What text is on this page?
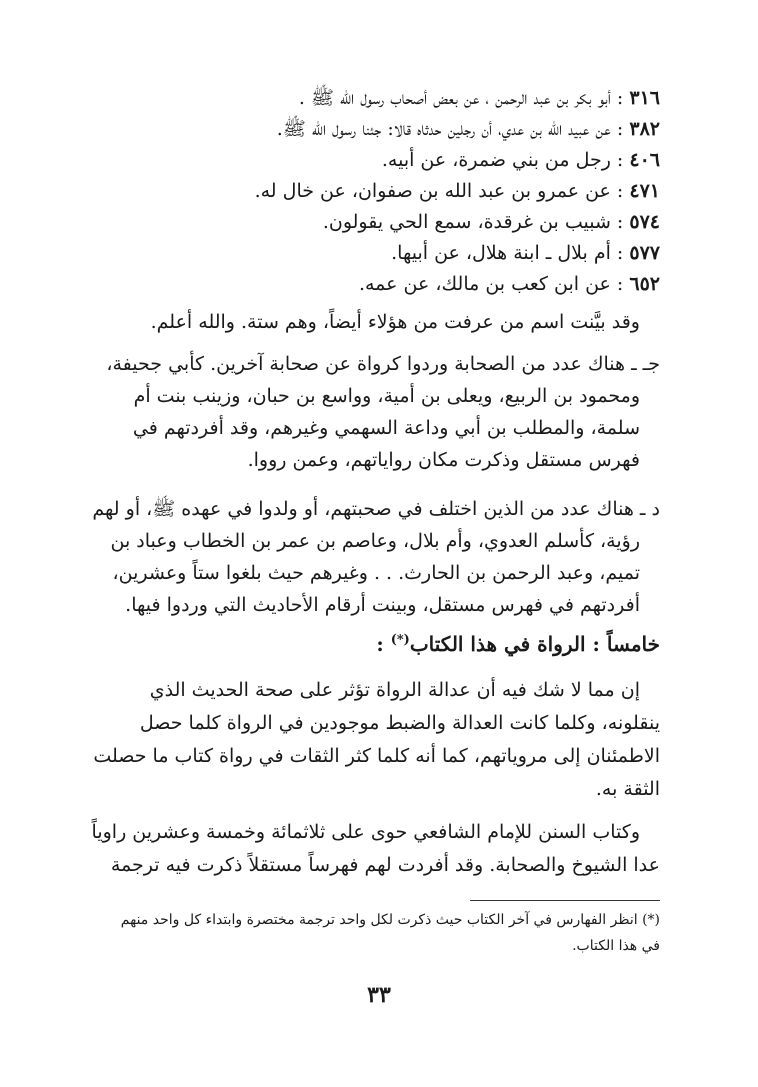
٣١٦ : أبو بكر بن عبد الرحمن ، عن بعض أصحاب رسول الله ﷺ .
٣٨٢ : عن عبيد الله بن عدي، أن رجلين حدثاه قالا: جئنا رسول الله ﷺ.
٤٠٦ : رجل من بني ضمرة، عن أبيه.
٤٧١ : عن عمرو بن عبد الله بن صفوان، عن خال له.
٥٧٤ : شبيب بن غرقدة، سمع الحي يقولون.
٥٧٧ : أم بلال ـ ابنة هلال، عن أبيها.
٦٥٢ : عن ابن كعب بن مالك، عن عمه.
وقد بيَّنت اسم من عرفت من هؤلاء أيضاً، وهم ستة. والله أعلم.
جـ ـ هناك عدد من الصحابة وردوا كرواة عن صحابة آخرين. كأبي جحيفة،
ومحمود بن الربيع، ويعلى بن أمية، وواسع بن حبان، وزينب بنت أم
سلمة، والمطلب بن أبي وداعة السهمي وغيرهم، وقد أفردتهم في
فهرس مستقل وذكرت مكان رواياتهم، وعمن رووا.
د ـ هناك عدد من الذين اختلف في صحبتهم، أو ولدوا في عهده ﷺ، أو لهم
رؤية، كأسلم العدوي، وأم بلال، وعاصم بن عمر بن الخطاب وعباد بن
تميم، وعبد الرحمن بن الحارث. . . وغيرهم حيث بلغوا ستاً وعشرين،
أفردتهم في فهرس مستقل، وبينت أرقام الأحاديث التي وردوا فيها.
خامساً : الرواة في هذا الكتاب(*) :
إن مما لا شك فيه أن عدالة الرواة تؤثر على صحة الحديث الذي
ينقلونه، وكلما كانت العدالة والضبط موجودين في الرواة كلما حصل
الاطمئنان إلى مروياتهم، كما أنه كلما كثر الثقات في رواة كتاب ما حصلت
الثقة به.
وكتاب السنن للإمام الشافعي حوى على ثلاثمائة وخمسة وعشرين راوياً
عدا الشيوخ والصحابة. وقد أفردت لهم فهرساً مستقلاً ذكرت فيه ترجمة
(*) انظر الفهارس في آخر الكتاب حيث ذكرت لكل واحد ترجمة مختصرة وابتداء كل واحد منهم
في هذا الكتاب.
٣٣
